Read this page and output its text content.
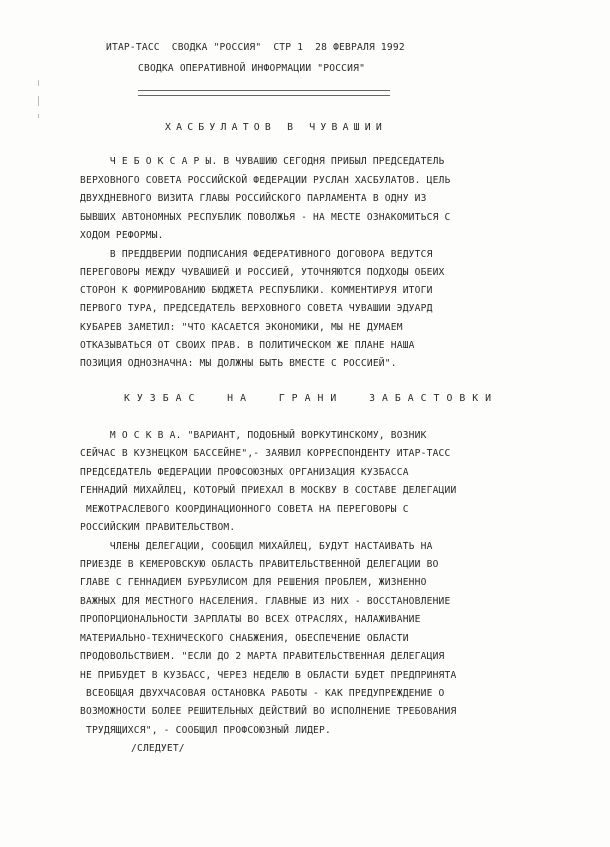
ИТАР-ТАСС  СВОДКА "РОССИЯ"  СТР 1  28 ФЕВРАЛЯ 1992
СВОДКА ОПЕРАТИВНОЙ ИНФОРМАЦИИ "РОССИЯ"
ХАСБУЛАТОВ В ЧУВАШИИ
Ч Е Б О К С А Р Ы. В ЧУВАШИЮ СЕГОДНЯ ПРИБЫЛ ПРЕДСЕДАТЕЛЬ
ВЕРХОВНОГО СОВЕТА РОССИЙСКОЙ ФЕДЕРАЦИИ РУСЛАН ХАСБУЛАТОВ. ЦЕЛЬ
ДВУХДНЕВНОГО ВИЗИТА ГЛАВЫ РОССИЙСКОГО ПАРЛАМЕНТА В ОДНУ ИЗ
БЫВШИХ АВТОНОМНЫХ РЕСПУБЛИК ПОВОЛЖЬЯ - НА МЕСТЕ ОЗНАКОМИТЬСЯ С
ХОДОМ РЕФОРМЫ.
В ПРЕДДВЕРИИ ПОДПИСАНИЯ ФЕДЕРАТИВНОГО ДОГОВОРА ВЕДУТСЯ
ПЕРЕГОВОРЫ МЕЖДУ ЧУВАШИЕЙ И РОССИЕЙ, УТОЧНЯЮТСЯ ПОДХОДЫ ОБЕИХ
СТОРОН К ФОРМИРОВАНИЮ БЮДЖЕТА РЕСПУБЛИКИ. КОММЕНТИРУЯ ИТОГИ
ПЕРВОГО ТУРА, ПРЕДСЕДАТЕЛЬ ВЕРХОВНОГО СОВЕТА ЧУВАШИИ ЭДУАРД
КУБАРЕВ ЗАМЕТИЛ: "ЧТО КАСАЕТСЯ ЭКОНОМИКИ, МЫ НЕ ДУМАЕМ
ОТКАЗЫВАТЬСЯ ОТ СВОИХ ПРАВ. В ПОЛИТИЧЕСКОМ ЖЕ ПЛАНЕ НАША
ПОЗИЦИЯ ОДНОЗНАЧНА: МЫ ДОЛЖНЫ БЫТЬ ВМЕСТЕ С РОССИЕЙ".
КУЗБАС  НА  ГРАНИ  ЗАБАСТОВКИ
М О С К В А. "ВАРИАНТ, ПОДОБНЫЙ ВОРКУТИНСКОМУ, ВОЗНИК
СЕЙЧАС В КУЗНЕЦКОМ БАССЕЙНЕ",- ЗАЯВИЛ КОРРЕСПОНДЕНТУ ИТАР-ТАСС
ПРЕДСЕДАТЕЛЬ ФЕДЕРАЦИИ ПРОФСОЮЗНЫХ ОРГАНИЗАЦИЯ КУЗБАССА
ГЕННАДИЙ МИХАЙЛЕЦ, КОТОРЫЙ ПРИЕХАЛ В МОСКВУ В СОСТАВЕ ДЕЛЕГАЦИИ
МЕЖОТРАСЛЕВОГО КООРДИНАЦИОННОГО СОВЕТА НА ПЕРЕГОВОРЫ С
РОССИЙСКИМ ПРАВИТЕЛЬСТВОМ.
ЧЛЕНЫ ДЕЛЕГАЦИИ, СООБЩИЛ МИХАЙЛЕЦ, БУДУТ НАСТАИВАТЬ НА
ПРИЕЗДЕ В КЕМЕРОВСКУЮ ОБЛАСТЬ ПРАВИТЕЛЬСТВЕННОЙ ДЕЛЕГАЦИИ ВО
ГЛАВЕ С ГЕННАДИЕМ БУРБУЛИСОМ ДЛЯ РЕШЕНИЯ ПРОБЛЕМ, ЖИЗНЕННО
ВАЖНЫХ ДЛЯ МЕСТНОГО НАСЕЛЕНИЯ. ГЛАВНЫЕ ИЗ НИХ - ВОССТАНОВЛЕНИЕ
ПРОПОРЦИОНАЛЬНОСТИ ЗАРПЛАТЫ ВО ВСЕХ ОТРАСЛЯХ, НАЛАЖИВАНИЕ
МАТЕРИАЛЬНО-ТЕХНИЧЕСКОГО СНАБЖЕНИЯ, ОБЕСПЕЧЕНИЕ ОБЛАСТИ
ПРОДОВОЛЬСТВИЕМ. "ЕСЛИ ДО 2 МАРТА ПРАВИТЕЛЬСТВЕННАЯ ДЕЛЕГАЦИЯ
НЕ ПРИБУДЕТ В КУЗБАСС, ЧЕРЕЗ НЕДЕЛЮ В ОБЛАСТИ БУДЕТ ПРЕДПРИНЯТА
ВСЕОБЩАЯ ДВУХЧАСОВАЯ ОСТАНОВКА РАБОТЫ - КАК ПРЕДУПРЕЖДЕНИЕ О
ВОЗМОЖНОСТИ БОЛЕЕ РЕШИТЕЛЬНЫХ ДЕЙСТВИЙ ВО ИСПОЛНЕНИЕ ТРЕБОВАНИЯ
ТРУДЯЩИХСЯ", - СООБЩИЛ ПРОФСОЮЗНЫЙ ЛИДЕР.
/СЛЕДУЕТ/
